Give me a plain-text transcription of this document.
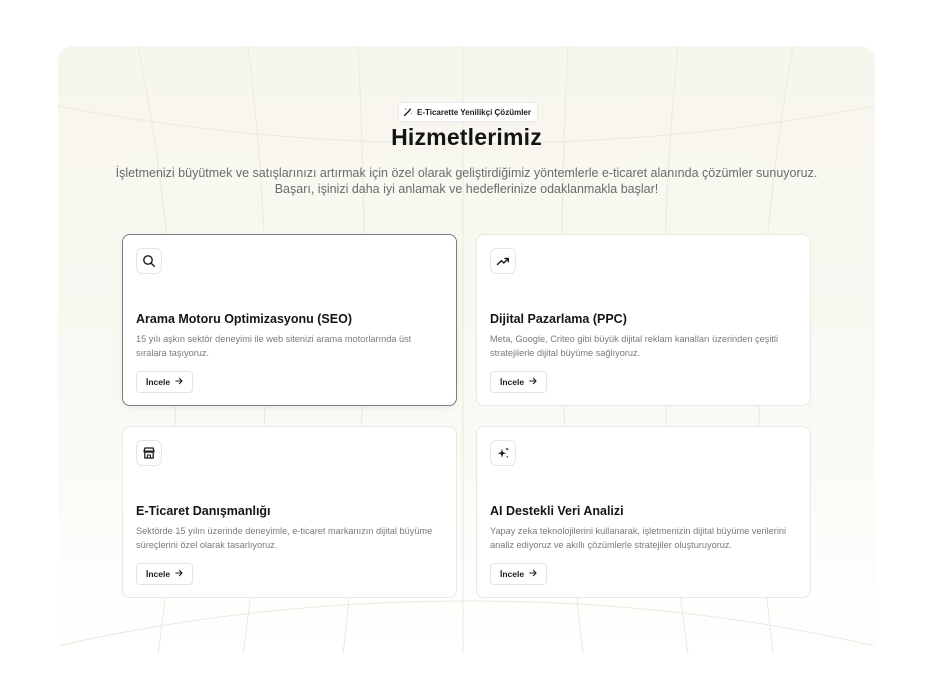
E-Ticarette Yenilikçi Çözümler
Hizmetlerimiz
İşletmenizi büyütmek ve satışlarınızı artırmak için özel olarak geliştirdiğimiz yöntemlerle e-ticaret alanında çözümler sunuyoruz. Başarı, işinizi daha iyi anlamak ve hedeflerinize odaklanmakla başlar!
Arama Motoru Optimizasyonu (SEO)
15 yılı aşkın sektör deneyimi ile web sitenizi arama motorlarında üst sıralara taşıyoruz.
İncele
Dijital Pazarlama (PPC)
Meta, Google, Criteo gibi büyük dijital reklam kanalları üzerinden çeşitli stratejilerle dijital büyüme sağlıyoruz.
İncele
E-Ticaret Danışmanlığı
Sektörde 15 yılın üzerinde deneyimle, e-ticaret markanızın dijital büyüme süreçlerini özel olarak tasarlıyoruz.
İncele
AI Destekli Veri Analizi
Yapay zeka teknolojilerini kullanarak, işletmenizin dijital büyüme verilerini analiz ediyoruz ve akıllı çözümlerle stratejiler oluşturuyoruz.
İncele
